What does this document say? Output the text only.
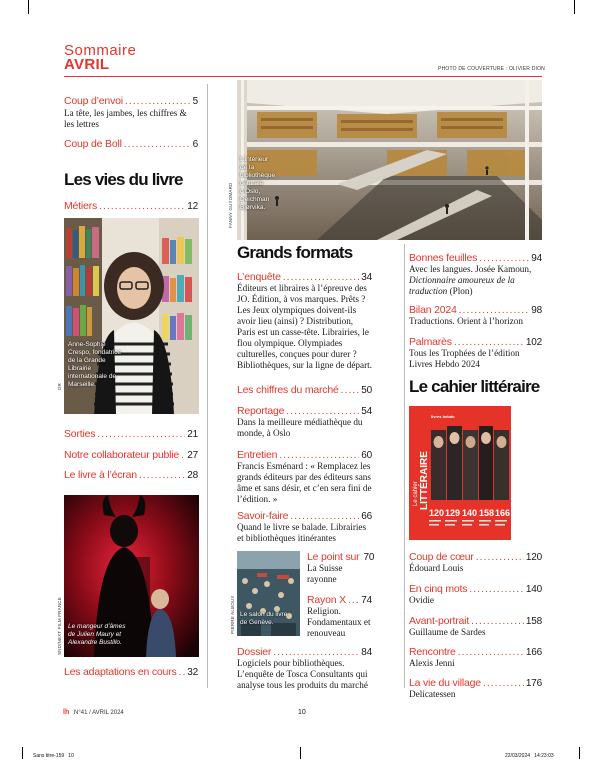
Sommaire
AVRIL	PHOTO DE COUVERTURE : OLIVIER DION
Coup d’envoi .....	5
La tête, les jambes, les chiffres & les lettres
Coup de Boll .....	6
Les vies du livre
Métiers .....	12
Anne-Sophie Crespo, fondatrice de la Grande Librairie internationale de Marseille.
DR
Sorties .....	21
Notre collaborateur publie ..... 27
Le livre à l’écran .....	28
Le mangeur d’âmes de Julien Maury et Alexandre Bustillo.
SND/NEXT FILM FRANCE
Les adaptations en cours ..... 32
L’intérieur de la bibliothèque centrale d’Oslo, Deichman Bjørvika.
FANNY GUYOMARD
Grands formats
L’enquête .....	34
Éditeurs et libraires à l’épreuve des JO. Édition, à vos marques. Prêts ? Les Jeux olympiques doivent-ils avoir lieu (ainsi) ? Distribution, Paris est un casse-tête. Librairies, le flou olympique. Olympiades culturelles, conçues pour durer ? Bibliothèques, sur la ligne de départ.
Les chiffres du marché ..... 50
Reportage .....	54
Dans la meilleure médiathèque du monde, à Oslo
Entretien .....	60
Francis Esménard : « Remplacez les grands éditeurs par des éditeurs sans âme et sans désir, et c’en sera fini de l’édition. »
Savoir-faire .....	66
Quand le livre se balade. Librairies et bibliothèques itinérantes
Le salon du livre de Genève.
PIERRE ALBOUY
Le point sur 70
La Suisse rayonne
Rayon X ..... 74
Religion. Fondamentaux et renouveau
Dossier .....	84
Logiciels pour bibliothèques. L’enquête de Tosca Consultants qui analyse tous les produits du marché
Bonnes feuilles .....	94
Avec les langues. Josée Kamoun, Dictionnaire amoureux de la traduction (Plon)
Bilan 2024 .....	98
Traductions. Orient à l’horizon
Palmarès .....	102
Tous les Trophées de l’édition Livres Hebdo 2024
Le cahier littéraire
livres hebdo
Le cahier LITTÉRAIRE
120 129 140 158 166
Coup de cœur .....	120
Édouard Louis
En cinq mots .....	140
Ovidie
Avant-portrait .....	158
Guillaume de Sardes
Rencontre .....	166
Alexis Jenni
La vie du village .....	176
Delicatessen
lh N°41 / AVRIL 2024	10
Sans titre-159   10	22/03/2024   14:23:03
